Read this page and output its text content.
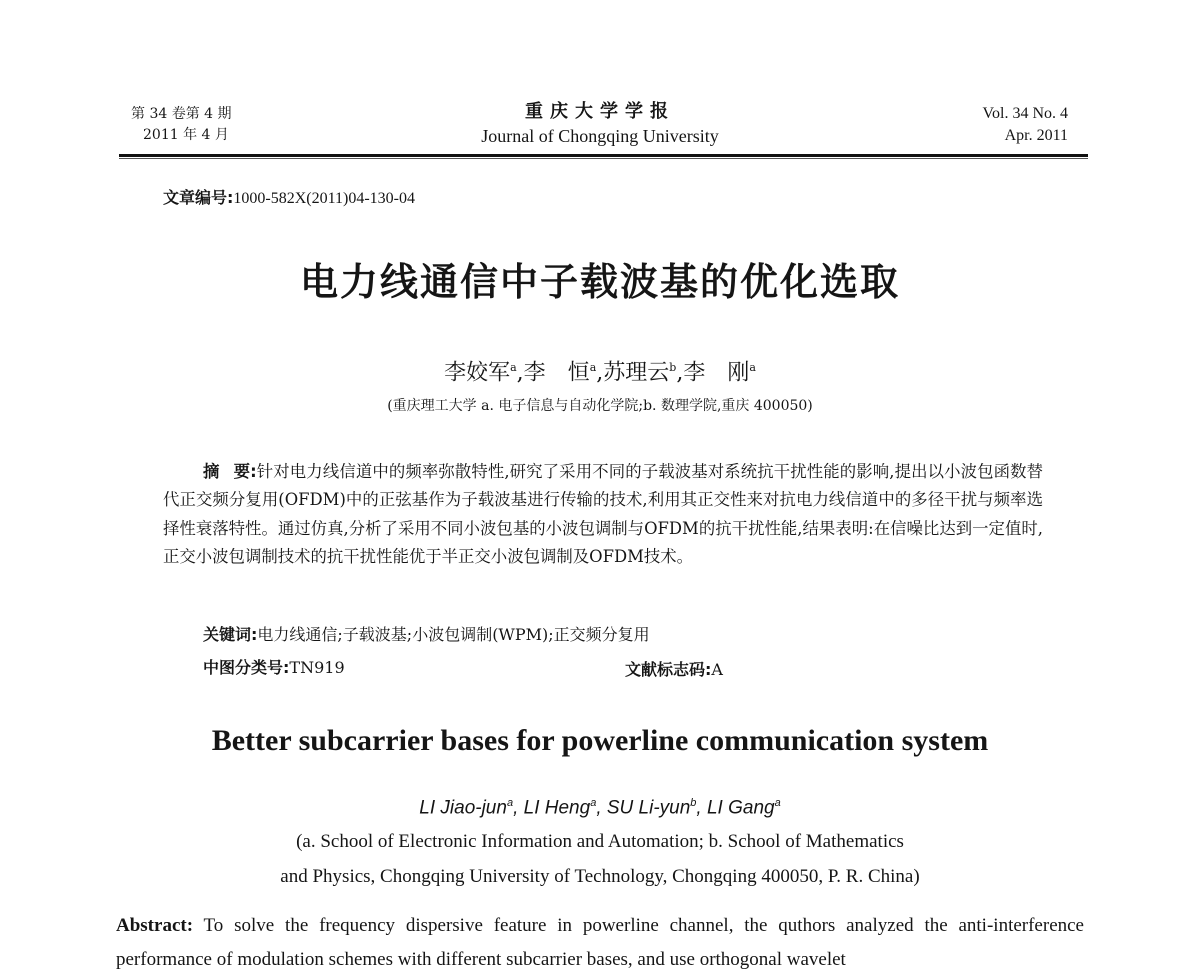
第 34 卷第 4 期
2011 年 4 月
重庆大学学报
Journal of Chongqing University
Vol. 34 No. 4
Apr. 2011
文章编号:1000-582X(2011)04-130-04
电力线通信中子载波基的优化选取
李姣军$^a$,李　恒$^a$,苏理云$^b$,李　刚$^a$
(重庆理工大学 a. 电子信息与自动化学院;b. 数理学院,重庆 400050)
摘 要:针对电力线信道中的频率弥散特性,研究了采用不同的子载波基对系统抗干扰性能的影响,提出以小波包函数替代正交频分复用(OFDM)中的正弦基作为子载波基进行传输的技术,利用其正交性来对抗电力线信道中的多径干扰与频率选择性衰落特性。通过仿真,分析了采用不同小波包基的小波包调制与OFDM的抗干扰性能,结果表明:在信噪比达到一定值时,正交小波包调制技术的抗干扰性能优于半正交小波包调制及OFDM技术。
关键词:电力线通信;子载波基;小波包调制(WPM);正交频分复用
中图分类号:TN919	文献标志码:A
Better subcarrier bases for powerline communication system
LI Jiao-jun$^a$, LI Heng$^a$, SU Li-yun$^b$, LI Gang$^a$
(a. School of Electronic Information and Automation; b. School of Mathematics
and Physics, Chongqing University of Technology, Chongqing 400050, P. R. China)
Abstract: To solve the frequency dispersive feature in powerline channel, the quthors analyzed the anti-interference performance of modulation schemes with different subcarrier bases, and use orthogonal wavelet
